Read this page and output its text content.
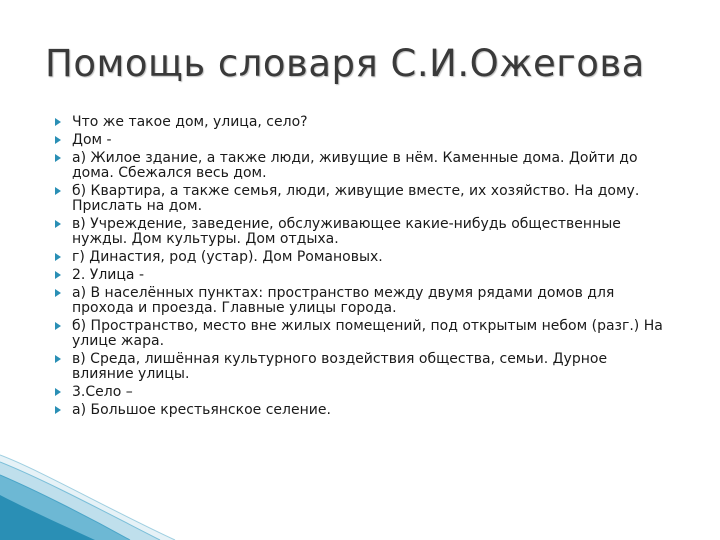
Помощь словаря С.И.Ожегова
Что же такое дом, улица, село?
Дом -
а) Жилое здание, а также люди, живущие в нём. Каменные дома. Дойти до дома. Сбежался весь дом.
б) Квартира, а также семья, люди, живущие вместе, их хозяйство. На дому. Прислать на дом.
в) Учреждение, заведение, обслуживающее какие-нибудь общественные нужды. Дом культуры. Дом отдыха.
г) Династия, род (устар). Дом Романовых.
2. Улица -
а) В населённых пунктах: пространство между двумя рядами домов для прохода и проезда. Главные улицы города.
б) Пространство, место вне жилых помещений, под открытым небом (разг.) На улице жара.
в) Среда, лишённая культурного воздействия общества, семьи. Дурное влияние улицы.
3.Село –
а) Большое крестьянское селение.
